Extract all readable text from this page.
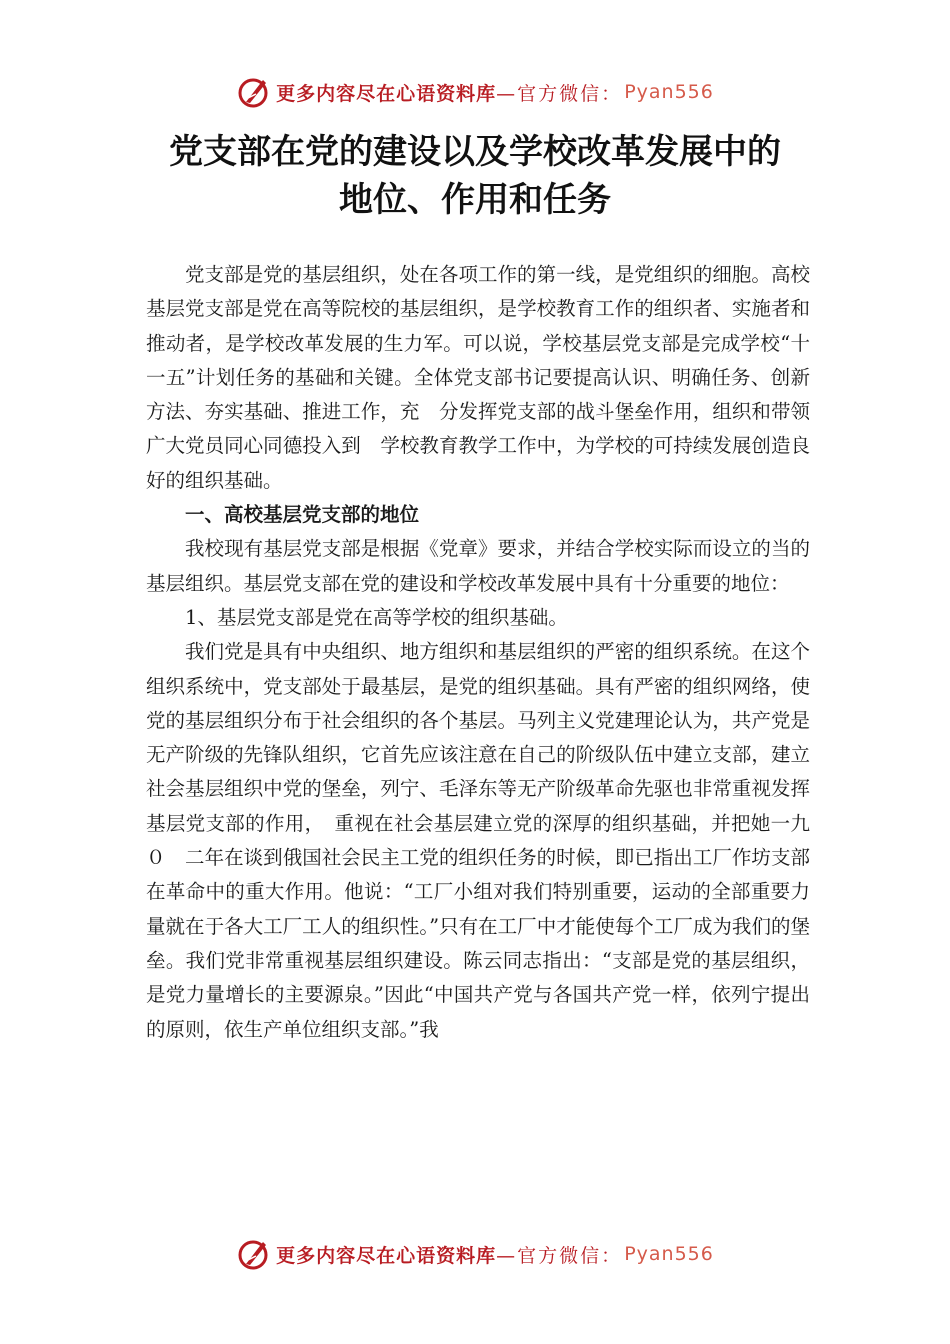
更多内容尽在心语资料库 —官方微信： Pyan556
党支部在党的建设以及学校改革发展中的
地位、作用和任务

党支部是党的基层组织，处在各项工作的第一线，是党组织的细胞。高校基层党支部是党在高等院校的基层组织，是学校教育工作的组织者、实施者和推动者，是学校改革发展的生力军。可以说，学校基层党支部是完成学校“十一五”计划任务的基础和关键。全体党支部书记要提高认识、明确任务、创新方法、夯实基础、推进工作，充　分发挥党支部的战斗堡垒作用，组织和带领广大党员同心同德投入到　学校教育教学工作中，为学校的可持续发展创造良好的组织基础。

一、高校基层党支部的地位

我校现有基层党支部是根据《党章》要求，并结合学校实际而设立的当的基层组织。基层党支部在党的建设和学校改革发展中具有十分重要的地位：

1、基层党支部是党在高等学校的组织基础。

我们党是具有中央组织、地方组织和基层组织的严密的组织系统。在这个组织系统中，党支部处于最基层，是党的组织基础。具有严密的组织网络，使党的基层组织分布于社会组织的各个基层。马列主义党建理论认为，共产党是无产阶级的先锋队组织，它首先应该注意在自己的阶级队伍中建立支部，建立社会基层组织中党的堡垒，列宁、毛泽东等无产阶级革命先驱也非常重视发挥基层党支部的作用，　重视在社会基层建立党的深厚的组织基础，并把她一九　０　二年在谈到俄国社会民主工党的组织任务的时候，即已指出工厂作坊支部在革命中的重大作用。他说：“工厂小组对我们特别重要，运动的全部重要力量就在于各大工厂工人的组织性。”只有在工厂中才能使每个工厂成为我们的堡垒。我们党非常重视基层组织建设。陈云同志指出：“支部是党的基层组织，是党力量增长的主要源泉。”因此“中国共产党与各国共产党一样，依列宁提出的原则，依生产单位组织支部。”我

更多内容尽在心语资料库 —官方微信： Pyan556
